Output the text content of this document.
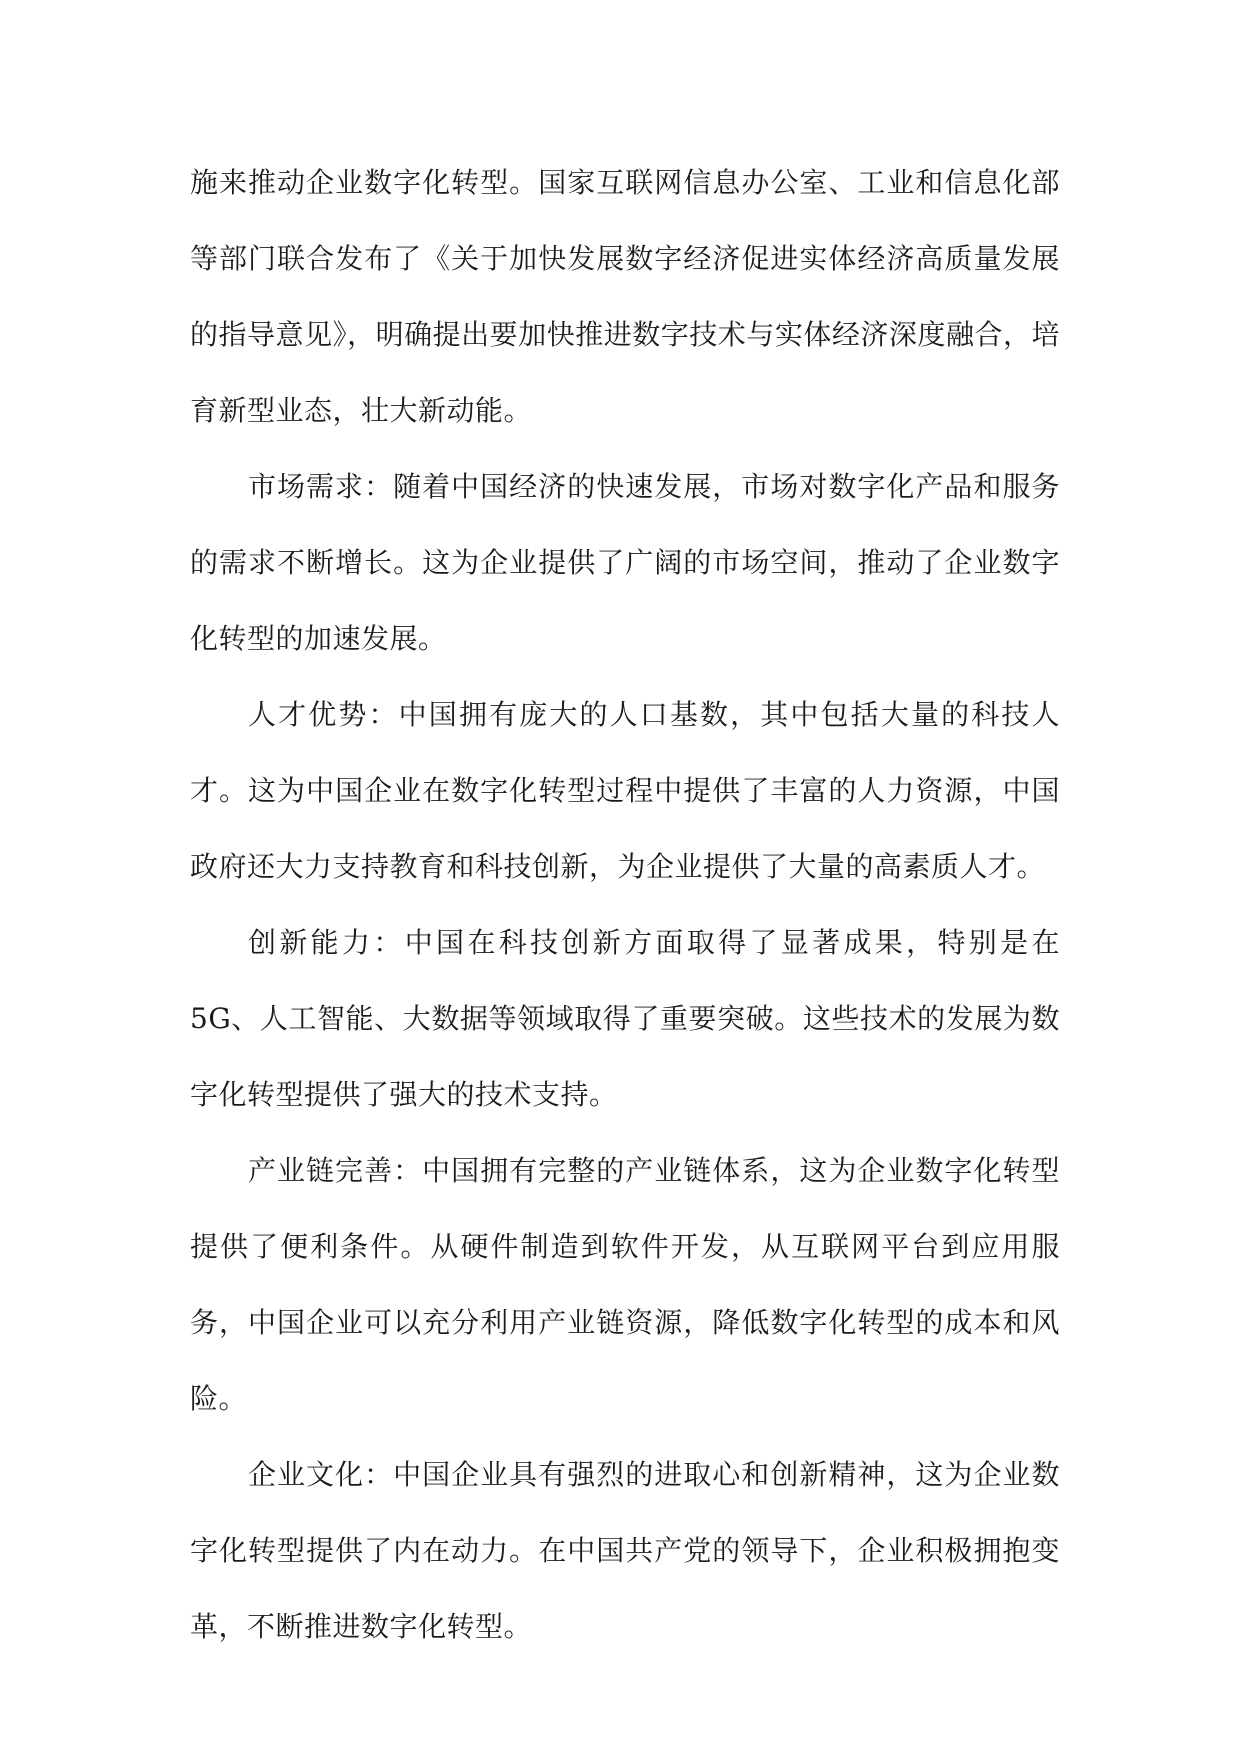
施来推动企业数字化转型。国家互联网信息办公室、工业和信息化部等部门联合发布了《关于加快发展数字经济促进实体经济高质量发展的指导意见》，明确提出要加快推进数字技术与实体经济深度融合，培育新型业态，壮大新动能。

市场需求：随着中国经济的快速发展，市场对数字化产品和服务的需求不断增长。这为企业提供了广阔的市场空间，推动了企业数字化转型的加速发展。

人才优势：中国拥有庞大的人口基数，其中包括大量的科技人才。这为中国企业在数字化转型过程中提供了丰富的人力资源，中国政府还大力支持教育和科技创新，为企业提供了大量的高素质人才。

创新能力：中国在科技创新方面取得了显著成果，特别是在 5G、人工智能、大数据等领域取得了重要突破。这些技术的发展为数字化转型提供了强大的技术支持。

产业链完善：中国拥有完整的产业链体系，这为企业数字化转型提供了便利条件。从硬件制造到软件开发，从互联网平台到应用服务，中国企业可以充分利用产业链资源，降低数字化转型的成本和风险。

企业文化：中国企业具有强烈的进取心和创新精神，这为企业数字化转型提供了内在动力。在中国共产党的领导下，企业积极拥抱变革，不断推进数字化转型。
